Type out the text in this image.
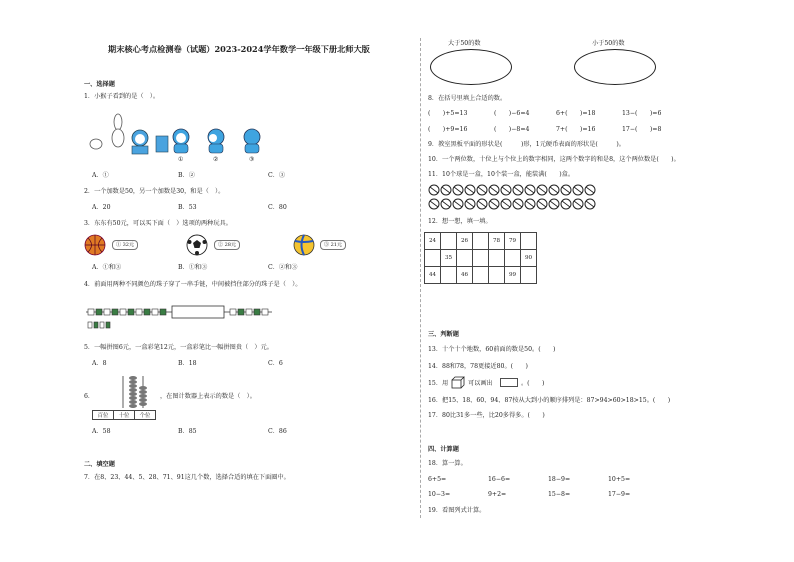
期末核心考点检测卷（试题）2023-2024学年数学一年级下册北师大版
一、选择题
1．小猴子看到的是（　）。
①	②	③
A．①	B．②	C．③
2．一个加数是50，另一个加数是30，和是（　）。
A．20	B．53	C．80
3．东东有50元，可以买下面（　）选项的两种玩具。
① 32元	② 28元	③ 21元
A．①和③	B．①和③	C．②和③
4．前面用两种不同颜色的珠子穿了一串手链，中间被挡住部分的珠子是（　）。
5．一幅拼图6元，一盒彩笔12元，一盒彩笔比一幅拼图贵（　）元。
A．8	B．18	C．6
6．
百位	十位	个位
，在图计数器上表示的数是（　）。
A．58	B．85	C．86
二、填空题
7．在8、23、44、5、28、71、91这几个数，选择合适的填在下面圈中。
大于50的数	小于50的数
8．在括号里填上合适的数。
(　　)+5=13	(　　)−6=4	6+(　　)=18	13−(　　)=6
(　　)+9=16	(　　)−8=4	7+(　　)=16	17−(　　)=8
9．教室黑板平面的形状是(　　　)形，1元硬币表面的形状是(　　　)。
10．一个两位数，十位上与个位上的数字相同，这两个数字的和是8，这个两位数是(　　)。
11．10个球是一盒，10个装一盒，能装满(　　)盒。
12．想一想，填一填。
24		26		78	79	
	35					90
44		46			99	
三、判断题
13．十个十个地数，60前面的数是50。(　　)
14．88和78，78更接近80。(　　)
15．用	可以画出	。(　　)
16．把15、18、60、94、87按从大到小的顺序排列是：87>94>60>18>15。(　　)
17．80比31多一些，比20多得多。(　　)
四、计算题
18．算一算。
6+5=	16−6=	18−9=	10+5=
10−3=	9+2=	15−8=	17−9=
19．看图列式计算。
